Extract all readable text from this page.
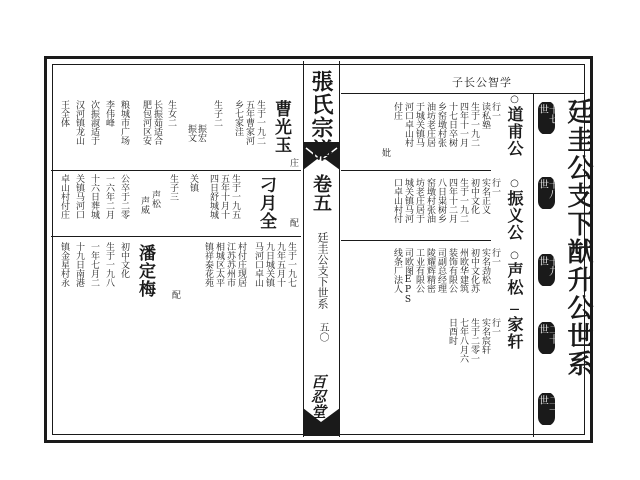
十七世
十八世
十九世
二十世
二一世
廷圭公支下猷升公世系
子长公智学
○道甫公
○振义公
○声松
—家轩
行一
读私塾
生于一九二
四年十一月
十七日卒树
乡窑墩村张
油坊老庄居
于城关镇马
河口卓山村
付庄
妣
行一
实名正义
初中文化
生于一九二
四年十二月
八日粜树乡
窑墩村张油
坊老庄居于
城关镇马河
口卓山村付
行一
实名劲松
初中文化苏
州欧华建筑
装饰有限公
司副总经理
陵耀辉精密
工业有限公
司欧图EPS
线条厂法人
行一
实名宸轩
生于二零一
七年八月六
日酉时
張氏宗譜
卷五
廷圭公支下世系
五〇
百忍堂
曹光玉
生于一九二
五年曹家河
乡七家洼
生子二
振宏
振文
生女二
长振茹适合
肥包河区安
粮城市广场
李伟峰
次振淑适于
汉河镇龙山
王全体
庄
刁月全
生于一九五
五年十月十
四日舒城城
关镇
生子三
声松
声威
公卒于二零
一六年二月
十六日葬城
关镇马河口
卓山村付庄
配
生于一九七
九年五月十
九日城关镇
马河口卓山
村付庄现居
江苏苏州市
相城区太平
镇祥泰花苑
配
潘定梅
初中文化
生于一九八
一年七月二
十九日南港
镇金星村永
